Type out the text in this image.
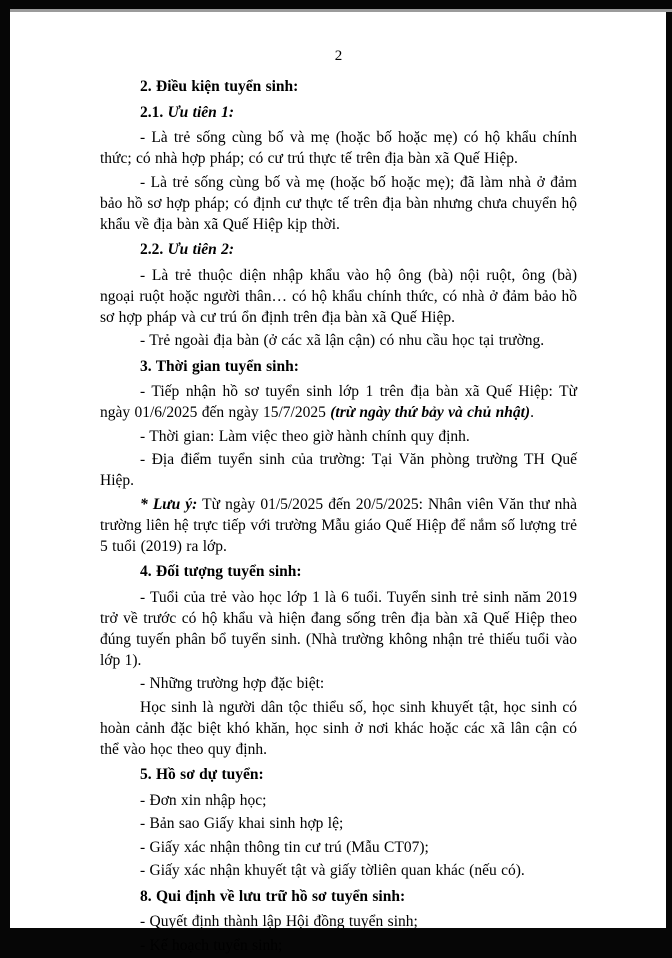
2

2. Điều kiện tuyển sinh:

2.1. Ưu tiên 1:

- Là trẻ sống cùng bố và mẹ (hoặc bố hoặc mẹ) có hộ khẩu chính thức; có nhà hợp pháp; có cư trú thực tế trên địa bàn xã Quế Hiệp.

- Là trẻ sống cùng bố và mẹ (hoặc bố hoặc mẹ); đã làm nhà ở đảm bảo hồ sơ hợp pháp; có định cư thực tế trên địa bàn nhưng chưa chuyển hộ khẩu về địa bàn xã Quế Hiệp kịp thời.

2.2. Ưu tiên 2:

- Là trẻ thuộc diện nhập khẩu vào hộ ông (bà) nội ruột, ông (bà) ngoại ruột hoặc người thân… có hộ khẩu chính thức, có nhà ở đảm bảo hồ sơ hợp pháp và cư trú ổn định trên địa bàn xã Quế Hiệp.

- Trẻ ngoài địa bàn (ở các xã lận cận) có nhu cầu học tại trường.

3. Thời gian tuyển sinh:

- Tiếp nhận hồ sơ tuyển sinh lớp 1 trên địa bàn xã Quế Hiệp: Từ ngày 01/6/2025 đến ngày 15/7/2025 (trừ ngày thứ bảy và chủ nhật).

- Thời gian: Làm việc theo giờ hành chính quy định.

- Địa điểm tuyển sinh của trường: Tại Văn phòng trường TH Quế Hiệp.

* Lưu ý: Từ ngày 01/5/2025 đến 20/5/2025: Nhân viên Văn thư nhà trường liên hệ trực tiếp với trường Mẫu giáo Quế Hiệp để nắm số lượng trẻ 5 tuổi (2019) ra lớp.

4. Đối tượng tuyển sinh:

- Tuổi của trẻ vào học lớp 1 là 6 tuổi. Tuyển sinh trẻ sinh năm 2019 trở về trước có hộ khẩu và hiện đang sống trên địa bàn xã Quế Hiệp theo đúng tuyến phân bổ tuyển sinh. (Nhà trường không nhận trẻ thiếu tuổi vào lớp 1).

- Những trường hợp đặc biệt:

Học sinh là người dân tộc thiểu số, học sinh khuyết tật, học sinh có hoàn cảnh đặc biệt khó khăn, học sinh ở nơi khác hoặc các xã lân cận có thể vào học theo quy định.

5. Hồ sơ dự tuyển:

- Đơn xin nhập học;

- Bản sao Giấy khai sinh hợp lệ;

- Giấy xác nhận thông tin cư trú (Mẫu CT07);

- Giấy xác nhận khuyết tật và giấy tờliên quan khác (nếu có).

8. Qui định về lưu trữ hồ sơ tuyển sinh:

- Quyết định thành lập Hội đồng tuyển sinh;

- Kế hoạch tuyển sinh;
